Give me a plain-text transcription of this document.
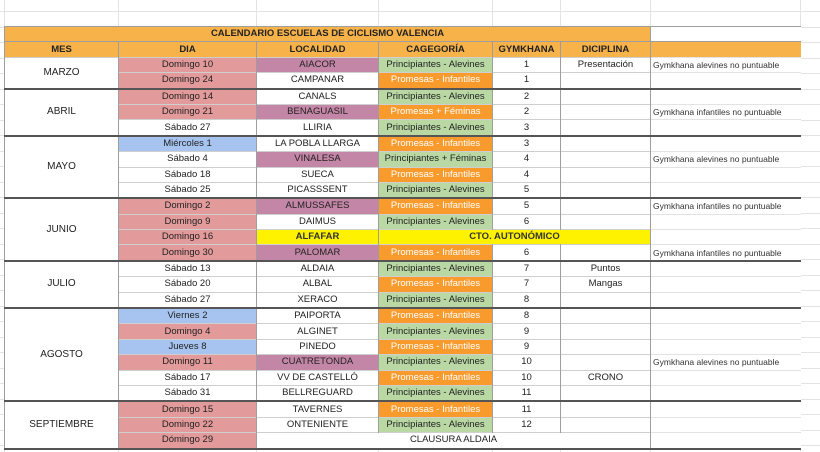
CALENDARIO ESCUELAS DE CICLISMO VALENCIA						
MES	DIA	LOCALIDAD	CAGEGORÍA	GYMKHANA	DICIPLINA	
MARZO	Domingo 10	AIACOR	Principiantes - Alevines	1	Presentación	Gymkhana alevines no puntuable
	Domingo 24	CAMPANAR	Promesas - Infantiles	1		
ABRIL	Domingo 14	CANALS	Principiantes - Alevines	2		
	Domingo 21	BENAGUASIL	Promesas + Féminas	2		Gymkhana infantiles no puntuable
	Sábado 27	LLIRIA	Principiantes - Alevines	3		
MAYO	Miércoles 1	LA POBLA LLARGA	Promesas - Infantiles	3		
	Sábado 4	VINALESA	Principiantes + Féminas	4		Gymkhana alevines no puntuable
	Sábado 18	SUECA	Promesas - Infantiles	4		
	Sábado 25	PICASSSENT	Principiantes - Alevines	5		
JUNIO	Domingo 2	ALMUSSAFES	Promesas - Infantiles	5		Gymkhana infantiles no puntuable
	Domingo 9	DAIMUS	Principiantes - Alevines	6		
	Domingo 16	ALFAFAR	CTO. AUTONÓMICO			
	Domingo 30	PALOMAR	Promesas - Infantiles	6		Gymkhana infantiles no puntuable
JULIO	Sábado 13	ALDAIA	Principiantes - Alevines	7	Puntos	
	Sábado 20	ALBAL	Promesas - Infantiles	7	Mangas	
	Sábado 27	XERACO	Principiantes - Alevines	8		
AGOSTO	Viernes 2	PAIPORTA	Promesas - Infantiles	8		
	Domingo 4	ALGINET	Principiantes - Alevines	9		
	Jueves 8	PINEDO	Promesas - Infantiles	9		
	Domingo 11	CUATRETONDA	Principiantes - Alevines	10		Gymkhana alevines no puntuable
	Sábado 17	VV DE CASTELLÓ	Promesas - Infantiles	10	CRONO	
	Sábado 31	BELLREGUARD	Principiantes - Alevines	11		
SEPTIEMBRE	Domingo 15	TAVERNES	Promesas - Infantiles	11		
	Domingo 22	ONTENIENTE	Principiantes - Alevines	12		
	Dómingo 29	CLAUSURA ALDAIA				
